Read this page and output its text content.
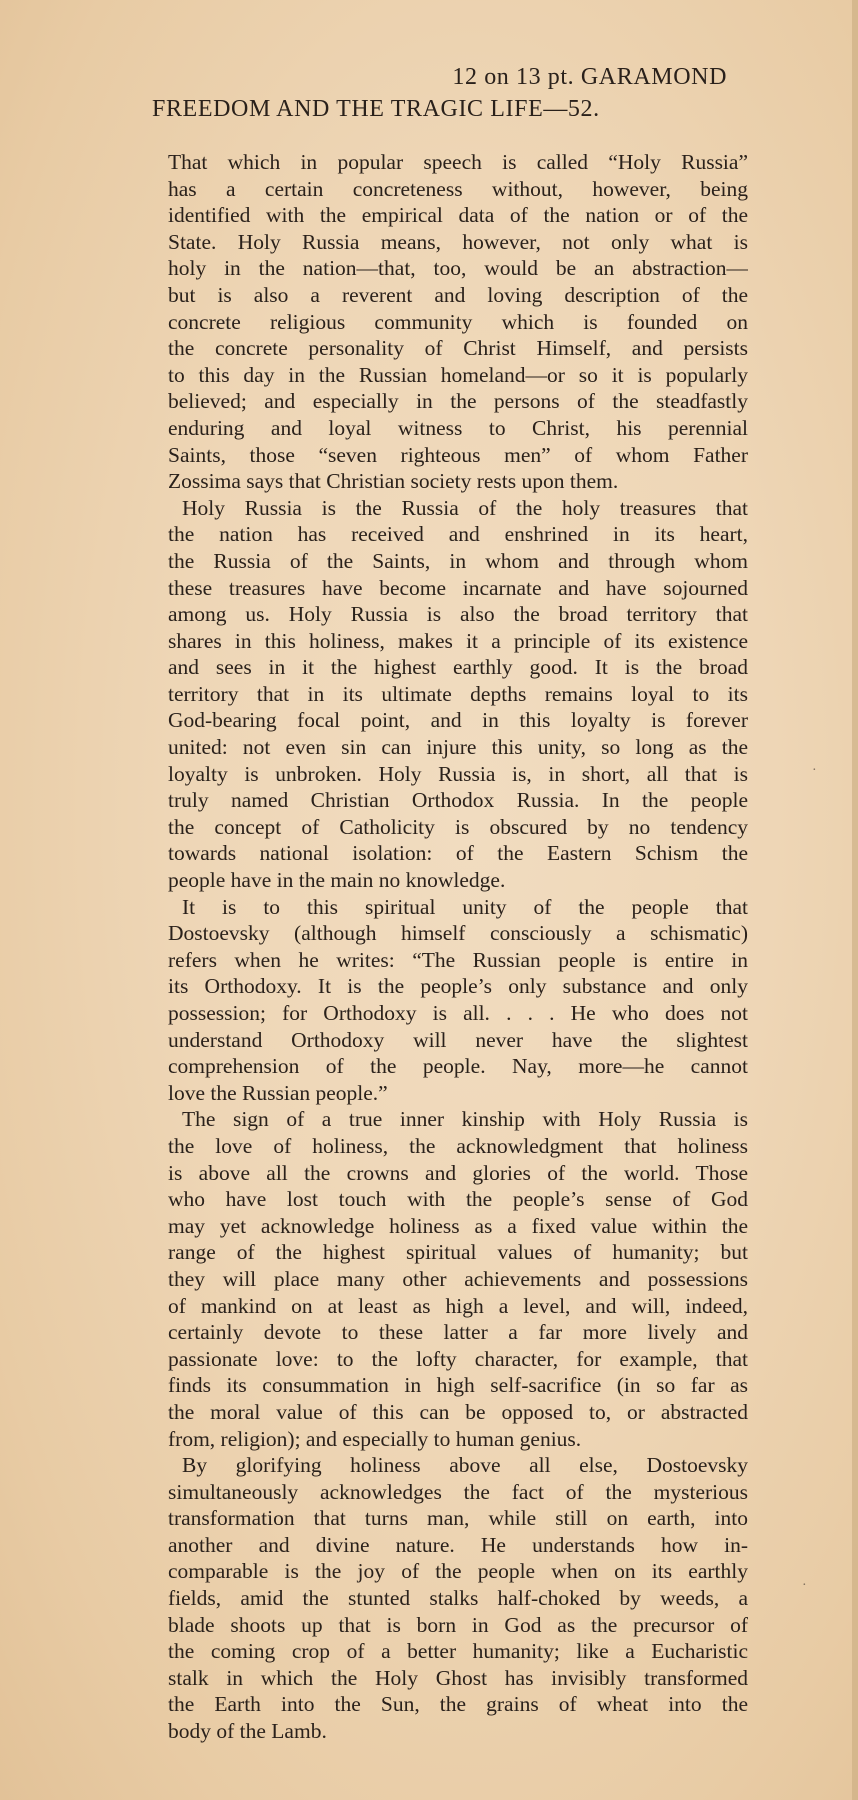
12 on 13 pt. GARAMOND
FREEDOM AND THE TRAGIC LIFE—52.
That which in popular speech is called “Holy Russia”
has a certain concreteness without, however, being
identified with the empirical data of the nation or of the
State. Holy Russia means, however, not only what is
holy in the nation—that, too, would be an abstraction—
but is also a reverent and loving description of the
concrete religious community which is founded on
the concrete personality of Christ Himself, and persists
to this day in the Russian homeland—or so it is popularly
believed; and especially in the persons of the steadfastly
enduring and loyal witness to Christ, his perennial
Saints, those “seven righteous men” of whom Father
Zossima says that Christian society rests upon them.
Holy Russia is the Russia of the holy treasures that
the nation has received and enshrined in its heart,
the Russia of the Saints, in whom and through whom
these treasures have become incarnate and have sojourned
among us. Holy Russia is also the broad territory that
shares in this holiness, makes it a principle of its existence
and sees in it the highest earthly good. It is the broad
territory that in its ultimate depths remains loyal to its
God-bearing focal point, and in this loyalty is forever
united: not even sin can injure this unity, so long as the
loyalty is unbroken. Holy Russia is, in short, all that is
truly named Christian Orthodox Russia. In the people
the concept of Catholicity is obscured by no tendency
towards national isolation: of the Eastern Schism the
people have in the main no knowledge.
It is to this spiritual unity of the people that
Dostoevsky (although himself consciously a schismatic)
refers when he writes: “The Russian people is entire in
its Orthodoxy. It is the people’s only substance and only
possession; for Orthodoxy is all. . . . He who does not
understand Orthodoxy will never have the slightest
comprehension of the people. Nay, more—he cannot
love the Russian people.”
The sign of a true inner kinship with Holy Russia is
the love of holiness, the acknowledgment that holiness
is above all the crowns and glories of the world. Those
who have lost touch with the people’s sense of God
may yet acknowledge holiness as a fixed value within the
range of the highest spiritual values of humanity; but
they will place many other achievements and possessions
of mankind on at least as high a level, and will, indeed,
certainly devote to these latter a far more lively and
passionate love: to the lofty character, for example, that
finds its consummation in high self-sacrifice (in so far as
the moral value of this can be opposed to, or abstracted
from, religion); and especially to human genius.
By glorifying holiness above all else, Dostoevsky
simultaneously acknowledges the fact of the mysterious
transformation that turns man, while still on earth, into
another and divine nature. He understands how in-
comparable is the joy of the people when on its earthly
fields, amid the stunted stalks half-choked by weeds, a
blade shoots up that is born in God as the precursor of
the coming crop of a better humanity; like a Eucharistic
stalk in which the Holy Ghost has invisibly transformed
the Earth into the Sun, the grains of wheat into the
body of the Lamb.
·
·
